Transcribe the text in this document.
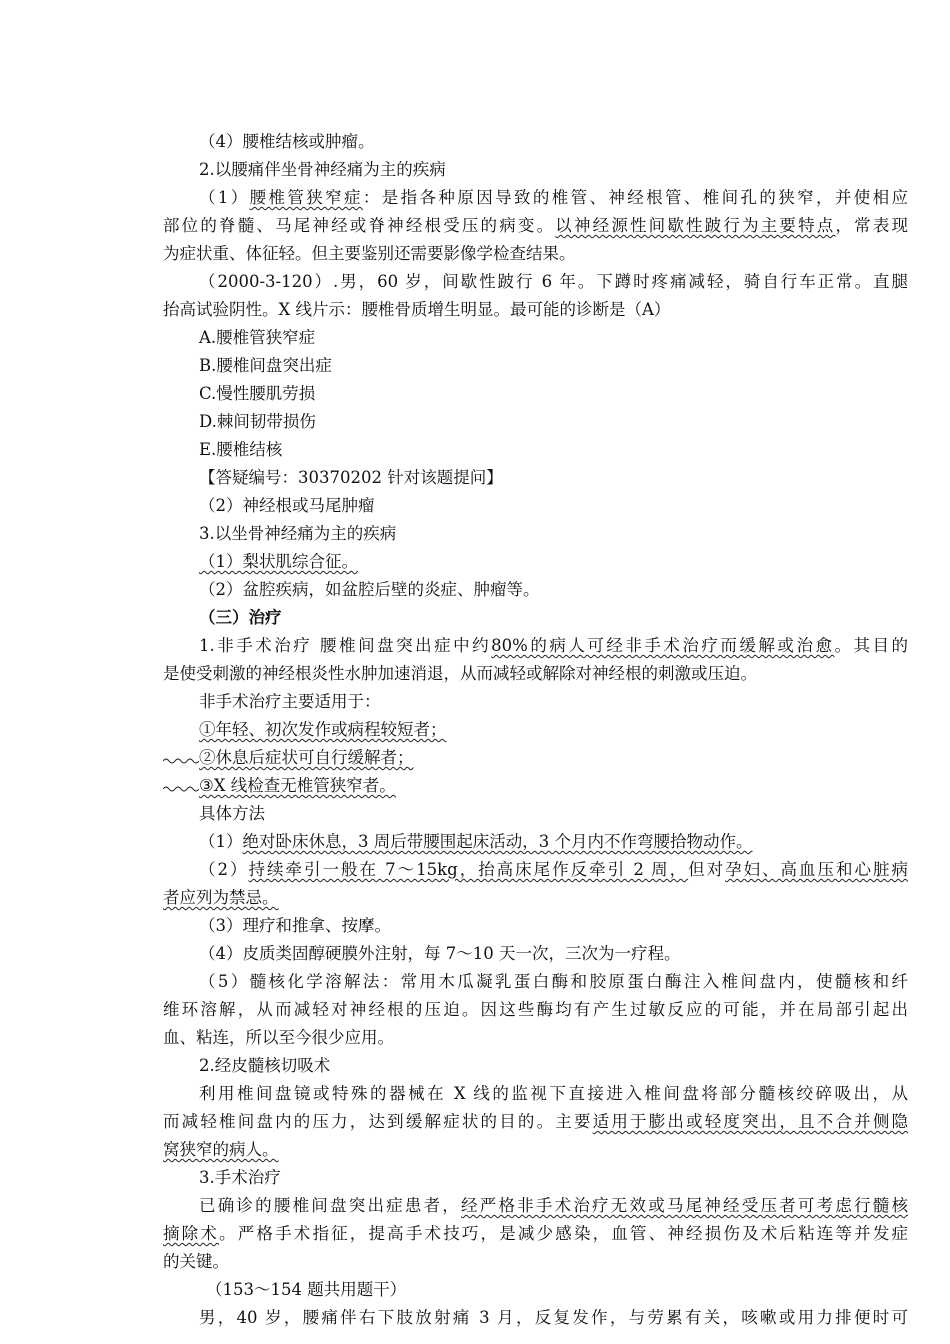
（4）腰椎结核或肿瘤。
2.以腰痛伴坐骨神经痛为主的疾病
（1）腰椎管狭窄症：是指各种原因导致的椎管、神经根管、椎间孔的狭窄，并使相应
部位的脊髓、马尾神经或脊神经根受压的病变。以神经源性间歇性跛行为主要特点，常表现
为症状重、体征轻。但主要鉴别还需要影像学检查结果。
（2000-3-120）.男，60 岁，间歇性跛行 6 年。下蹲时疼痛减轻，骑自行车正常。直腿
抬高试验阴性。X 线片示：腰椎骨质增生明显。最可能的诊断是（A）
A.腰椎管狭窄症
B.腰椎间盘突出症
C.慢性腰肌劳损
D.棘间韧带损伤
E.腰椎结核
【答疑编号：30370202 针对该题提问】
（2）神经根或马尾肿瘤
3.以坐骨神经痛为主的疾病
（1）梨状肌综合征。
（2）盆腔疾病，如盆腔后壁的炎症、肿瘤等。
（三）治疗
1.非手术治疗 腰椎间盘突出症中约80%的病人可经非手术治疗而缓解或治愈。其目的
是使受刺激的神经根炎性水肿加速消退，从而减轻或解除对神经根的刺激或压迫。
非手术治疗主要适用于：
①年轻、初次发作或病程较短者；
②休息后症状可自行缓解者；
③X 线检查无椎管狭窄者。
具体方法
（1）绝对卧床休息，3 周后带腰围起床活动，3 个月内不作弯腰拾物动作。
（2）持续牵引一般在 7～15kg，抬高床尾作反牵引 2 周，但对孕妇、高血压和心脏病
者应列为禁忌。
（3）理疗和推拿、按摩。
（4）皮质类固醇硬膜外注射，每 7～10 天一次，三次为一疗程。
（5）髓核化学溶解法：常用木瓜凝乳蛋白酶和胶原蛋白酶注入椎间盘内，使髓核和纤
维环溶解，从而减轻对神经根的压迫。因这些酶均有产生过敏反应的可能，并在局部引起出
血、粘连，所以至今很少应用。
2.经皮髓核切吸术
利用椎间盘镜或特殊的器械在 X 线的监视下直接进入椎间盘将部分髓核绞碎吸出，从
而减轻椎间盘内的压力，达到缓解症状的目的。主要适用于膨出或轻度突出，且不合并侧隐
窝狭窄的病人。
3.手术治疗
已确诊的腰椎间盘突出症患者，经严格非手术治疗无效或马尾神经受压者可考虑行髓核
摘除术。严格手术指征，提高手术技巧，是减少感染，血管、神经损伤及术后粘连等并发症
的关键。
（153～154 题共用题干）
男，40 岁，腰痛伴右下肢放射痛 3 月，反复发作，与劳累有关，咳嗽或用力排便时可
